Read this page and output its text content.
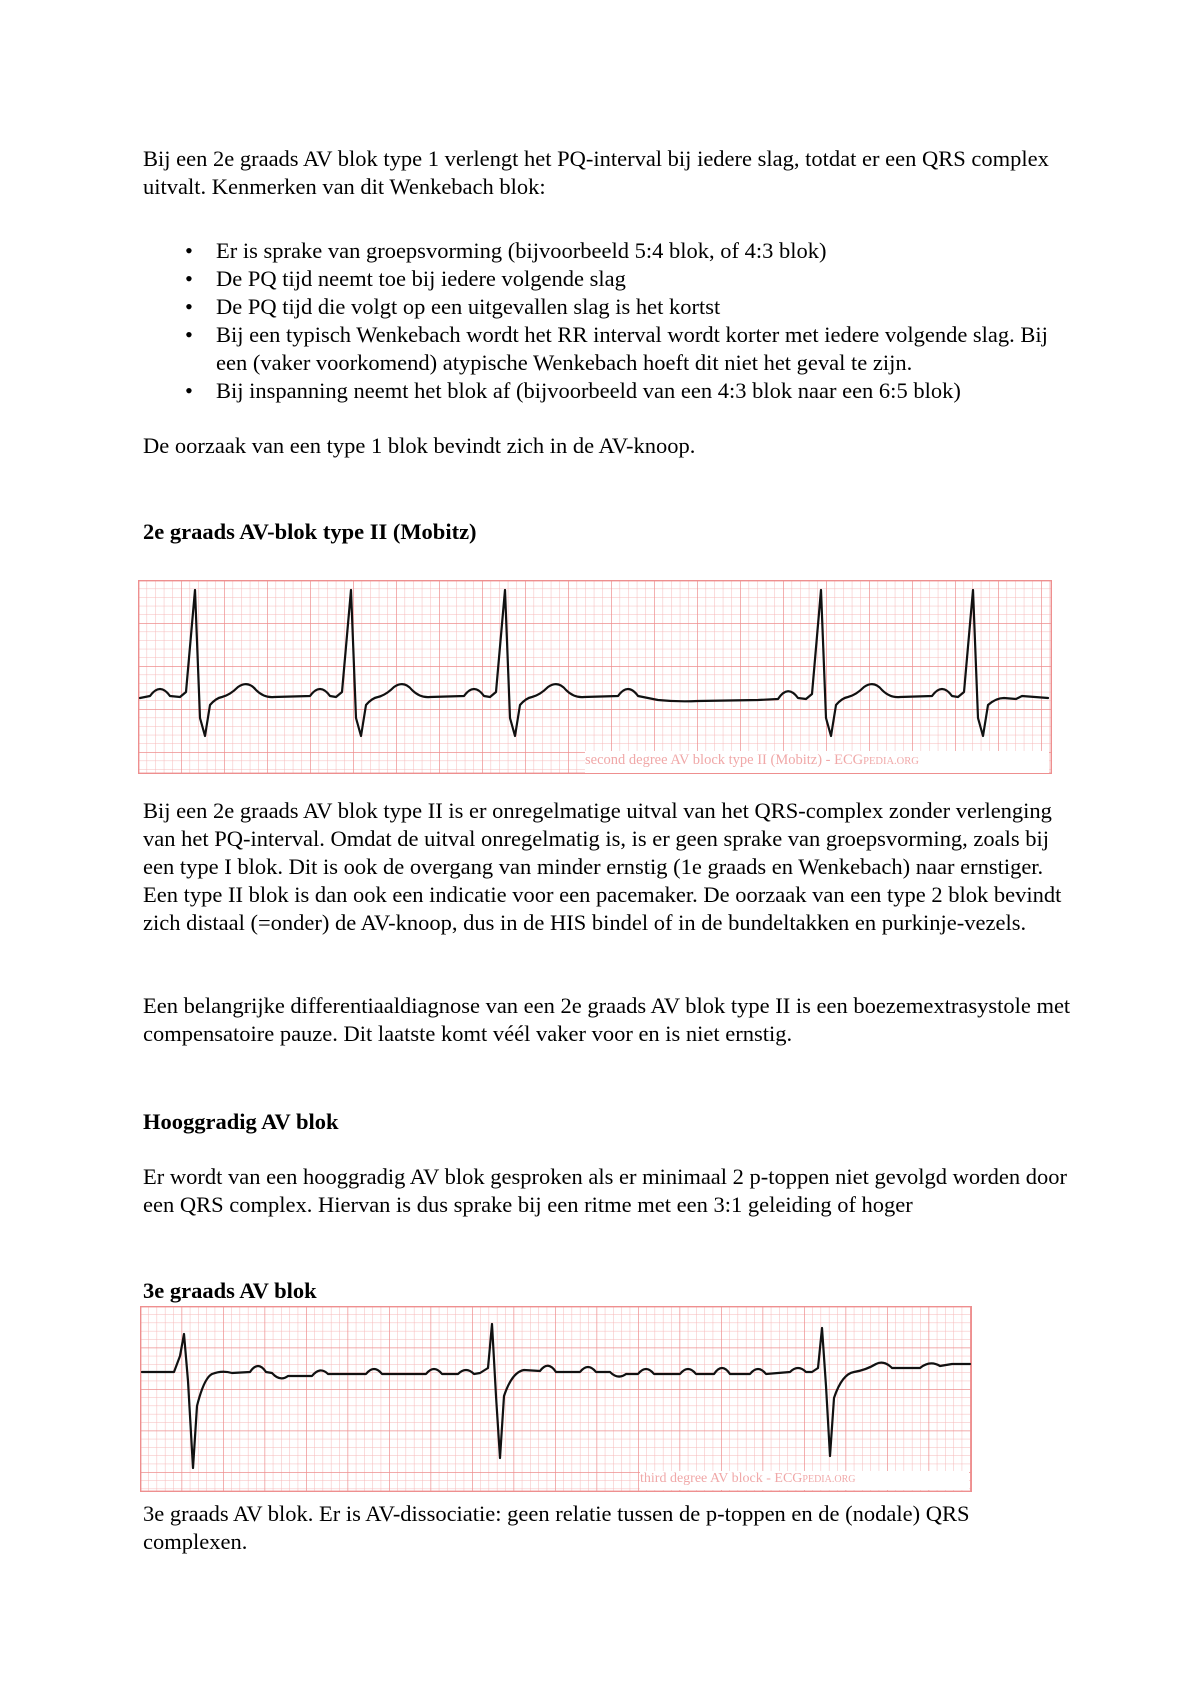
Bij een 2e graads AV blok type 1 verlengt het PQ-interval bij iedere slag, totdat er een QRS complex uitvalt. Kenmerken van dit Wenkebach blok:

• Er is sprake van groepsvorming (bijvoorbeeld 5:4 blok, of 4:3 blok)
• De PQ tijd neemt toe bij iedere volgende slag
• De PQ tijd die volgt op een uitgevallen slag is het kortst
• Bij een typisch Wenkebach wordt het RR interval wordt korter met iedere volgende slag. Bij een (vaker voorkomend) atypische Wenkebach hoeft dit niet het geval te zijn.
• Bij inspanning neemt het blok af (bijvoorbeeld van een 4:3 blok naar een 6:5 blok)

De oorzaak van een type 1 blok bevindt zich in de AV-knoop.

2e graads AV-blok type II (Mobitz)

second degree AV block type II (Mobitz) - ECGPEDIA.ORG

Bij een 2e graads AV blok type II is er onregelmatige uitval van het QRS-complex zonder verlenging van het PQ-interval. Omdat de uitval onregelmatig is, is er geen sprake van groepsvorming, zoals bij een type I blok. Dit is ook de overgang van minder ernstig (1e graads en Wenkebach) naar ernstiger. Een type II blok is dan ook een indicatie voor een pacemaker. De oorzaak van een type 2 blok bevindt zich distaal (=onder) de AV-knoop, dus in de HIS bindel of in de bundeltakken en purkinje-vezels.

Een belangrijke differentiaaldiagnose van een 2e graads AV blok type II is een boezemextrasystole met compensatoire pauze. Dit laatste komt véél vaker voor en is niet ernstig.

Hooggradig AV blok

Er wordt van een hooggradig AV blok gesproken als er minimaal 2 p-toppen niet gevolgd worden door een QRS complex. Hiervan is dus sprake bij een ritme met een 3:1 geleiding of hoger

3e graads AV blok

third degree AV block - ECGPEDIA.ORG

3e graads AV blok. Er is AV-dissociatie: geen relatie tussen de p-toppen en de (nodale) QRS complexen.
